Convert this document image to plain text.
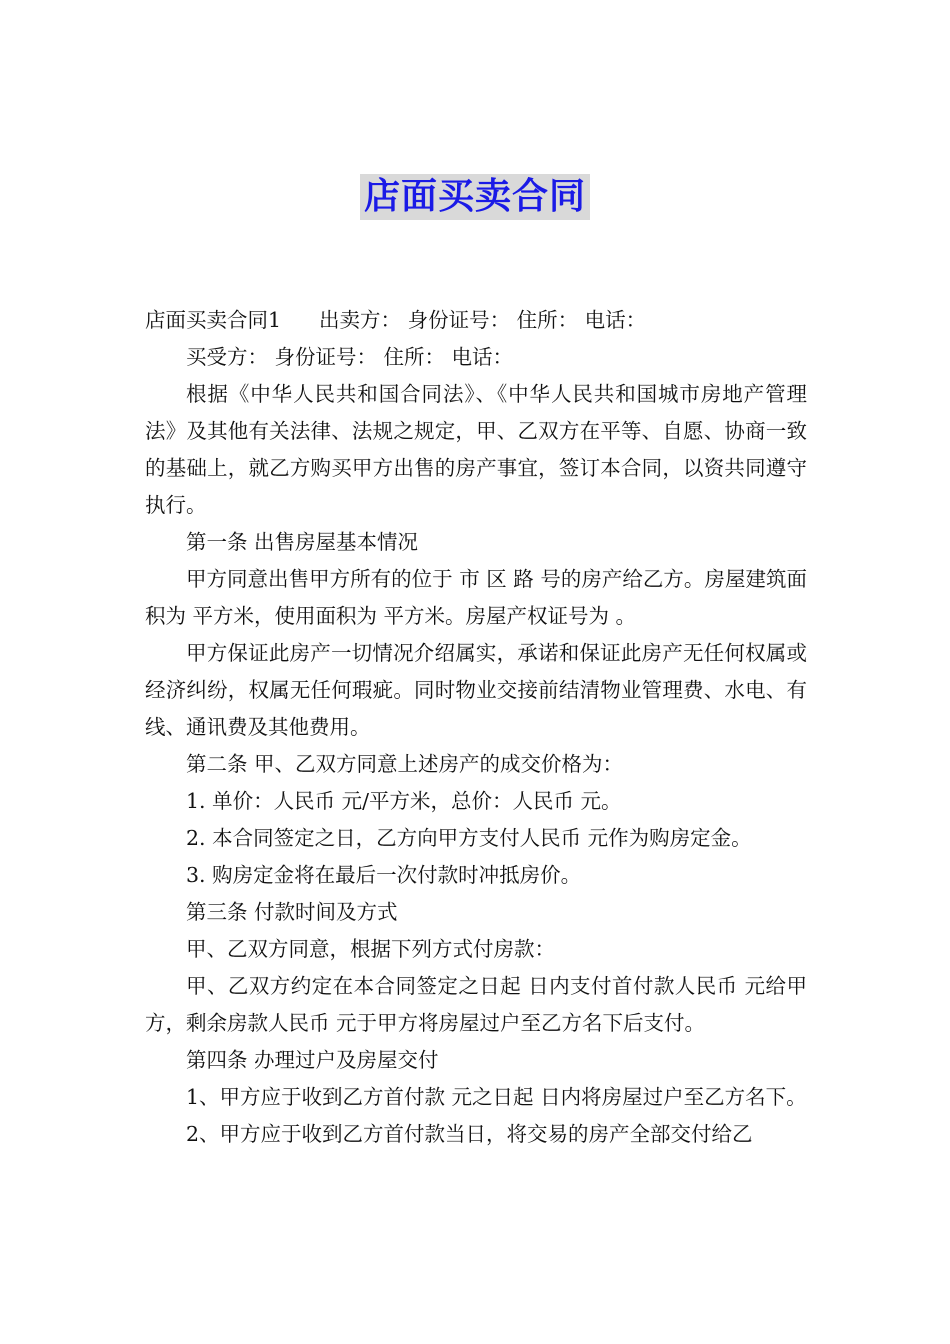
店面买卖合同

店面买卖合同1 出卖方： 身份证号： 住所： 电话：

买受方： 身份证号： 住所： 电话：

根据《中华人民共和国合同法》、《中华人民共和国城市房地产管理法》及其他有关法律、法规之规定，甲、乙双方在平等、自愿、协商一致的基础上，就乙方购买甲方出售的房产事宜，签订本合同，以资共同遵守执行。

第一条 出售房屋基本情况

甲方同意出售甲方所有的位于 市 区 路 号的房产给乙方。房屋建筑面积为 平方米，使用面积为 平方米。房屋产权证号为 。

甲方保证此房产一切情况介绍属实，承诺和保证此房产无任何权属或经济纠纷，权属无任何瑕疵。同时物业交接前结清物业管理费、水电、有线、通讯费及其他费用。

第二条 甲、乙双方同意上述房产的成交价格为：

1. 单价：人民币 元/平方米，总价：人民币 元。

2. 本合同签定之日，乙方向甲方支付人民币 元作为购房定金。

3. 购房定金将在最后一次付款时冲抵房价。

第三条 付款时间及方式

甲、乙双方同意，根据下列方式付房款：

甲、乙双方约定在本合同签定之日起 日内支付首付款人民币 元给甲方，剩余房款人民币 元于甲方将房屋过户至乙方名下后支付。

第四条 办理过户及房屋交付

1、甲方应于收到乙方首付款 元之日起 日内将房屋过户至乙方名下。

2、甲方应于收到乙方首付款当日，将交易的房产全部交付给乙
